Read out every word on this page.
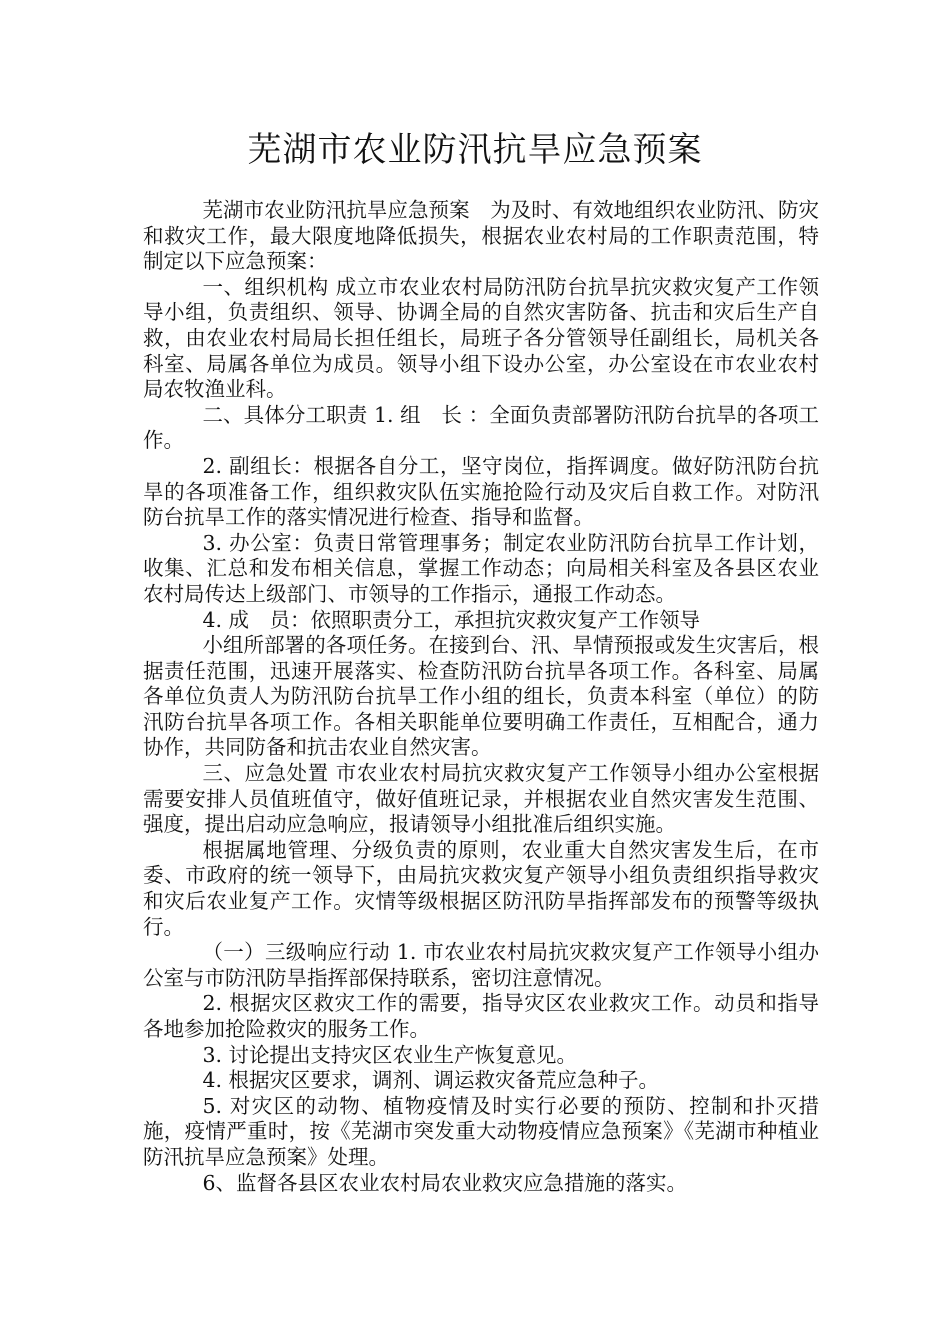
芜湖市农业防汛抗旱应急预案

芜湖市农业防汛抗旱应急预案　为及时、有效地组织农业防汛、防灾和救灾工作，最大限度地降低损失，根据农业农村局的工作职责范围，特制定以下应急预案：

一、组织机构 成立市农业农村局防汛防台抗旱抗灾救灾复产工作领导小组，负责组织、领导、协调全局的自然灾害防备、抗击和灾后生产自救，由农业农村局局长担任组长，局班子各分管领导任副组长，局机关各科室、局属各单位为成员。领导小组下设办公室，办公室设在市农业农村局农牧渔业科。

二、具体分工职责 1. 组　长 ：全面负责部署防汛防台抗旱的各项工作。

2. 副组长：根据各自分工，坚守岗位，指挥调度。做好防汛防台抗旱的各项准备工作，组织救灾队伍实施抢险行动及灾后自救工作。对防汛防台抗旱工作的落实情况进行检查、指导和监督。

3. 办公室：负责日常管理事务；制定农业防汛防台抗旱工作计划，收集、汇总和发布相关信息，掌握工作动态；向局相关科室及各县区农业农村局传达上级部门、市领导的工作指示，通报工作动态。

4. 成　员：依照职责分工，承担抗灾救灾复产工作领导

小组所部署的各项任务。在接到台、汛、旱情预报或发生灾害后，根据责任范围，迅速开展落实、检查防汛防台抗旱各项工作。各科室、局属各单位负责人为防汛防台抗旱工作小组的组长，负责本科室（单位）的防汛防台抗旱各项工作。各相关职能单位要明确工作责任，互相配合，通力协作，共同防备和抗击农业自然灾害。

三、应急处置 市农业农村局抗灾救灾复产工作领导小组办公室根据需要安排人员值班值守，做好值班记录，并根据农业自然灾害发生范围、强度，提出启动应急响应，报请领导小组批准后组织实施。

根据属地管理、分级负责的原则，农业重大自然灾害发生后，在市委、市政府的统一领导下，由局抗灾救灾复产领导小组负责组织指导救灾和灾后农业复产工作。灾情等级根据区防汛防旱指挥部发布的预警等级执行。

（一）三级响应行动 1. 市农业农村局抗灾救灾复产工作领导小组办公室与市防汛防旱指挥部保持联系，密切注意情况。

2. 根据灾区救灾工作的需要，指导灾区农业救灾工作。动员和指导各地参加抢险救灾的服务工作。

3. 讨论提出支持灾区农业生产恢复意见。

4. 根据灾区要求，调剂、调运救灾备荒应急种子。

5. 对灾区的动物、植物疫情及时实行必要的预防、控制和扑灭措施，疫情严重时，按《芜湖市突发重大动物疫情应急预案》《芜湖市种植业防汛抗旱应急预案》处理。

6、监督各县区农业农村局农业救灾应急措施的落实。
